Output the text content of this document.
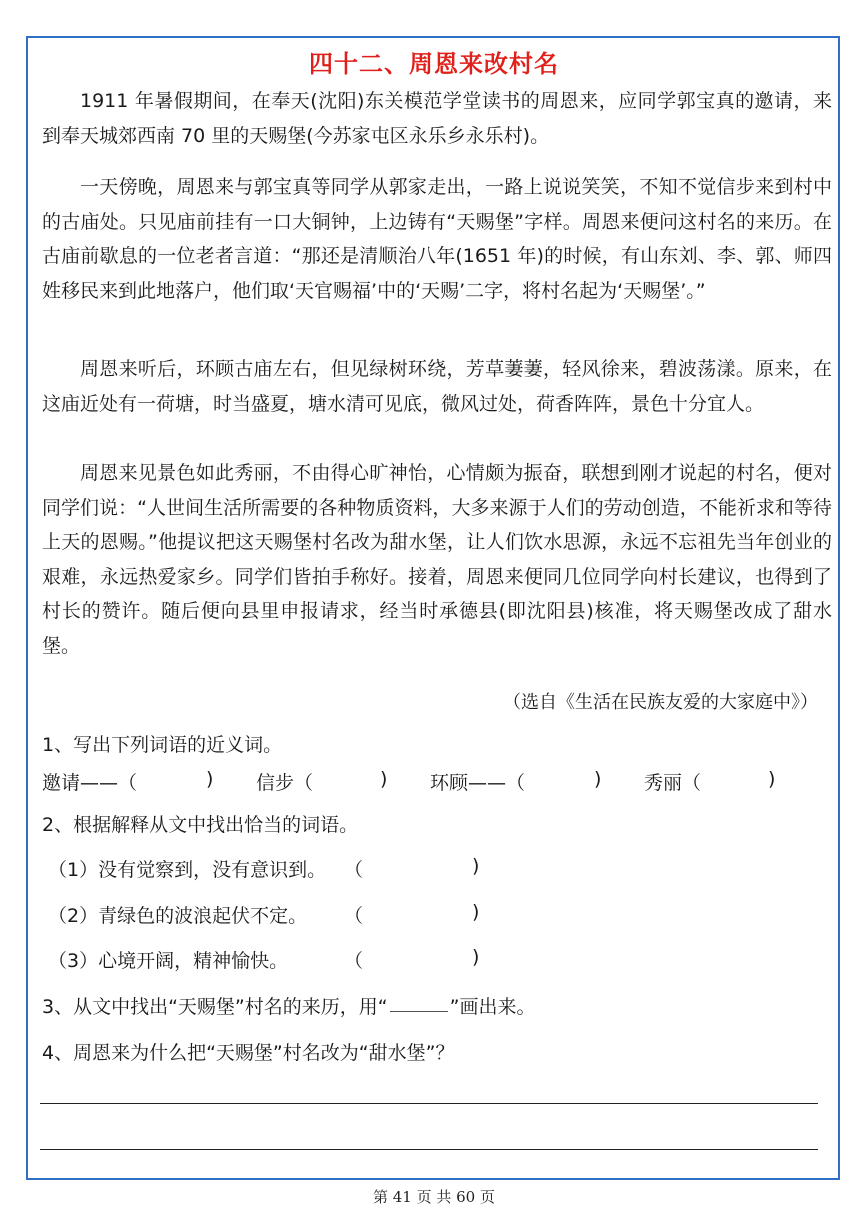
四十二、周恩来改村名

1911 年暑假期间，在奉天(沈阳)东关模范学堂读书的周恩来，应同学郭宝真的邀请，来到奉天城郊西南 70 里的天赐堡(今苏家屯区永乐乡永乐村)。

一天傍晚，周恩来与郭宝真等同学从郭家走出，一路上说说笑笑，不知不觉信步来到村中的古庙处。只见庙前挂有一口大铜钟，上边铸有“天赐堡”字样。周恩来便问这村名的来历。在古庙前歇息的一位老者言道：“那还是清顺治八年(1651 年)的时候，有山东刘、李、郭、师四姓移民来到此地落户，他们取‘天官赐福’中的‘天赐’二字，将村名起为‘天赐堡’。”

周恩来听后，环顾古庙左右，但见绿树环绕，芳草萋萋，轻风徐来，碧波荡漾。原来，在这庙近处有一荷塘，时当盛夏，塘水清可见底，微风过处，荷香阵阵，景色十分宜人。

周恩来见景色如此秀丽，不由得心旷神怡，心情颇为振奋，联想到刚才说起的村名，便对同学们说：“人世间生活所需要的各种物质资料，大多来源于人们的劳动创造，不能祈求和等待上天的恩赐。”他提议把这天赐堡村名改为甜水堡，让人们饮水思源，永远不忘祖先当年创业的艰难，永远热爱家乡。同学们皆拍手称好。接着，周恩来便同几位同学向村长建议，也得到了村长的赞许。随后便向县里申报请求，经当时承德县(即沈阳县)核准，将天赐堡改成了甜水堡。

（选自《生活在民族友爱的大家庭中》）
1、写出下列词语的近义词。
邀请——（	) 信步（	) 环顾——（	) 秀丽（	)
2、根据解释从文中找出恰当的词语。
（1）没有觉察到，没有意识到。 （	)
（2）青绿色的波浪起伏不定。 （	)
（3）心境开阔，精神愉快。	（	)
3、从文中找出“天赐堡”村名的来历，用“	”画出来。
4、周恩来为什么把“天赐堡”村名改为“甜水堡”？
第 41 页 共 60 页
